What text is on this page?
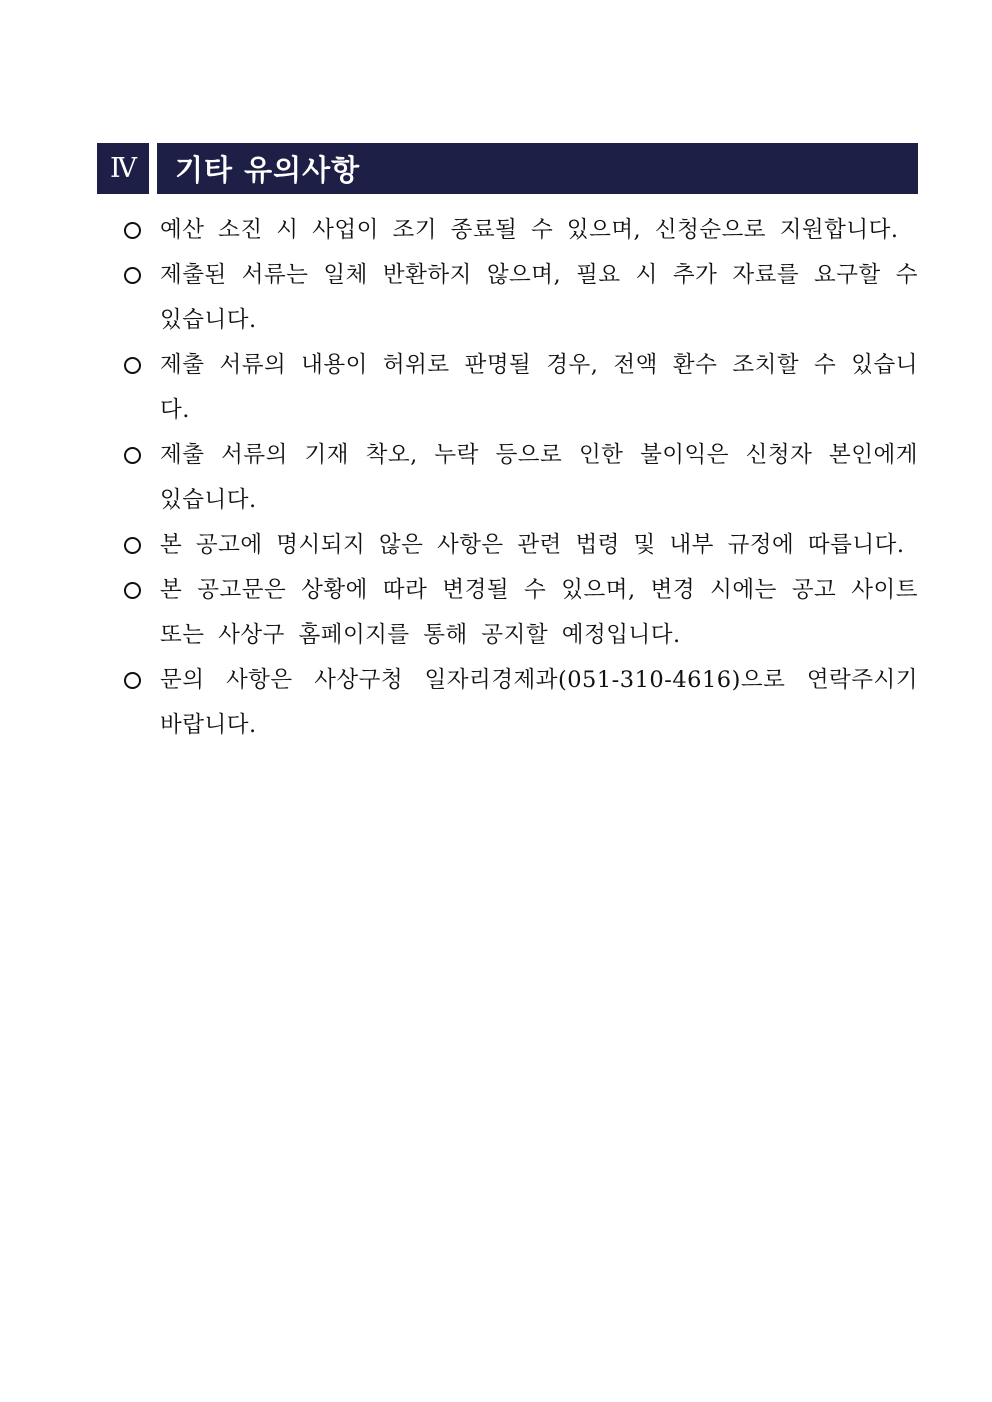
Ⅳ	기타 유의사항
예산 소진 시 사업이 조기 종료될 수 있으며, 신청순으로 지원합니다.
제출된 서류는 일체 반환하지 않으며, 필요 시 추가 자료를 요구할 수 있습니다.
제출 서류의 내용이 허위로 판명될 경우, 전액 환수 조치할 수 있습니다.
제출 서류의 기재 착오, 누락 등으로 인한 불이익은 신청자 본인에게 있습니다.
본 공고에 명시되지 않은 사항은 관련 법령 및 내부 규정에 따릅니다.
본 공고문은 상황에 따라 변경될 수 있으며, 변경 시에는 공고 사이트 또는 사상구 홈페이지를 통해 공지할 예정입니다.
문의 사항은 사상구청 일자리경제과(051-310-4616)으로 연락주시기 바랍니다.
